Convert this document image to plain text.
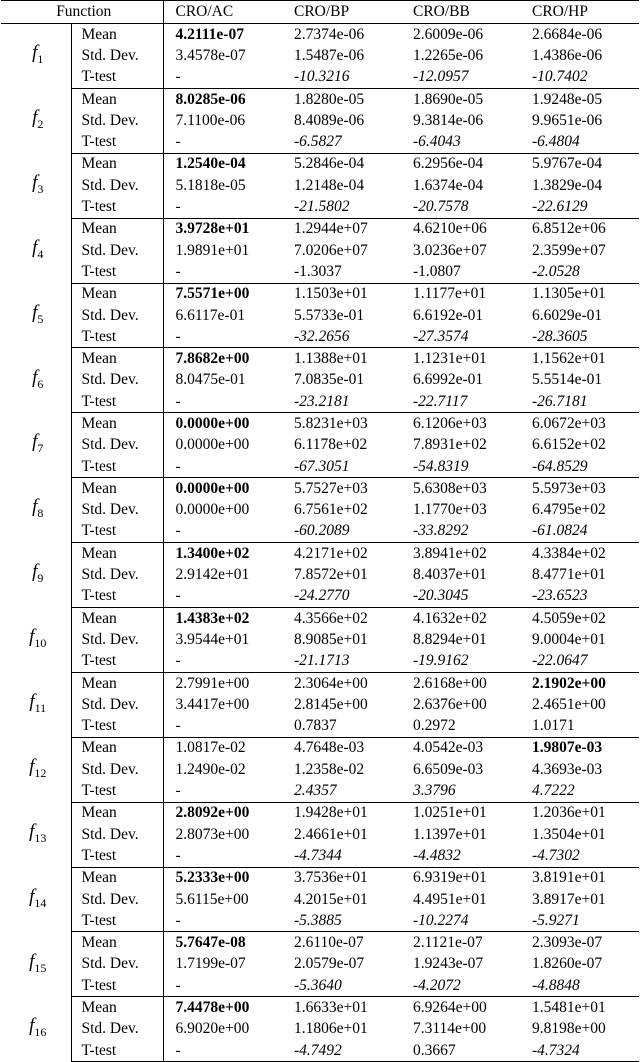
Function		CRO/AC	CRO/BP	CRO/BB	CRO/HP
$f_1$	Mean	4.2111e-07	2.7374e-06	2.6009e-06	2.6684e-06
	Std. Dev.	3.4578e-07	1.5487e-06	1.2265e-06	1.4386e-06
	T-test	-	-10.3216	-12.0957	-10.7402
$f_2$	Mean	8.0285e-06	1.8280e-05	1.8690e-05	1.9248e-05
	Std. Dev.	7.1100e-06	8.4089e-06	9.3814e-06	9.9651e-06
	T-test	-	-6.5827	-6.4043	-6.4804
$f_3$	Mean	1.2540e-04	5.2846e-04	6.2956e-04	5.9767e-04
	Std. Dev.	5.1818e-05	1.2148e-04	1.6374e-04	1.3829e-04
	T-test	-	-21.5802	-20.7578	-22.6129
$f_4$	Mean	3.9728e+01	1.2944e+07	4.6210e+06	6.8512e+06
	Std. Dev.	1.9891e+01	7.0206e+07	3.0236e+07	2.3599e+07
	T-test	-	-1.3037	-1.0807	-2.0528
$f_5$	Mean	7.5571e+00	1.1503e+01	1.1177e+01	1.1305e+01
	Std. Dev.	6.6117e-01	5.5733e-01	6.6192e-01	6.6029e-01
	T-test	-	-32.2656	-27.3574	-28.3605
$f_6$	Mean	7.8682e+00	1.1388e+01	1.1231e+01	1.1562e+01
	Std. Dev.	8.0475e-01	7.0835e-01	6.6992e-01	5.5514e-01
	T-test	-	-23.2181	-22.7117	-26.7181
$f_7$	Mean	0.0000e+00	5.8231e+03	6.1206e+03	6.0672e+03
	Std. Dev.	0.0000e+00	6.1178e+02	7.8931e+02	6.6152e+02
	T-test	-	-67.3051	-54.8319	-64.8529
$f_8$	Mean	0.0000e+00	5.7527e+03	5.6308e+03	5.5973e+03
	Std. Dev.	0.0000e+00	6.7561e+02	1.1770e+03	6.4795e+02
	T-test	-	-60.2089	-33.8292	-61.0824
$f_9$	Mean	1.3400e+02	4.2171e+02	3.8941e+02	4.3384e+02
	Std. Dev.	2.9142e+01	7.8572e+01	8.4037e+01	8.4771e+01
	T-test	-	-24.2770	-20.3045	-23.6523
$f_{10}$	Mean	1.4383e+02	4.3566e+02	4.1632e+02	4.5059e+02
	Std. Dev.	3.9544e+01	8.9085e+01	8.8294e+01	9.0004e+01
	T-test	-	-21.1713	-19.9162	-22.0647
$f_{11}$	Mean	2.7991e+00	2.3064e+00	2.6168e+00	2.1902e+00
	Std. Dev.	3.4417e+00	2.8145e+00	2.6376e+00	2.4651e+00
	T-test	-	0.7837	0.2972	1.0171
$f_{12}$	Mean	1.0817e-02	4.7648e-03	4.0542e-03	1.9807e-03
	Std. Dev.	1.2490e-02	1.2358e-02	6.6509e-03	4.3693e-03
	T-test	-	2.4357	3.3796	4.7222
$f_{13}$	Mean	2.8092e+00	1.9428e+01	1.0251e+01	1.2036e+01
	Std. Dev.	2.8073e+00	2.4661e+01	1.1397e+01	1.3504e+01
	T-test	-	-4.7344	-4.4832	-4.7302
$f_{14}$	Mean	5.2333e+00	3.7536e+01	6.9319e+01	3.8191e+01
	Std. Dev.	5.6115e+00	4.2015e+01	4.4951e+01	3.8917e+01
	T-test	-	-5.3885	-10.2274	-5.9271
$f_{15}$	Mean	5.7647e-08	2.6110e-07	2.1121e-07	2.3093e-07
	Std. Dev.	1.7199e-07	2.0579e-07	1.9243e-07	1.8260e-07
	T-test	-	-5.3640	-4.2072	-4.8848
$f_{16}$	Mean	7.4478e+00	1.6633e+01	6.9264e+00	1.5481e+01
	Std. Dev.	6.9020e+00	1.1806e+01	7.3114e+00	9.8198e+00
	T-test	-	-4.7492	0.3667	-4.7324
